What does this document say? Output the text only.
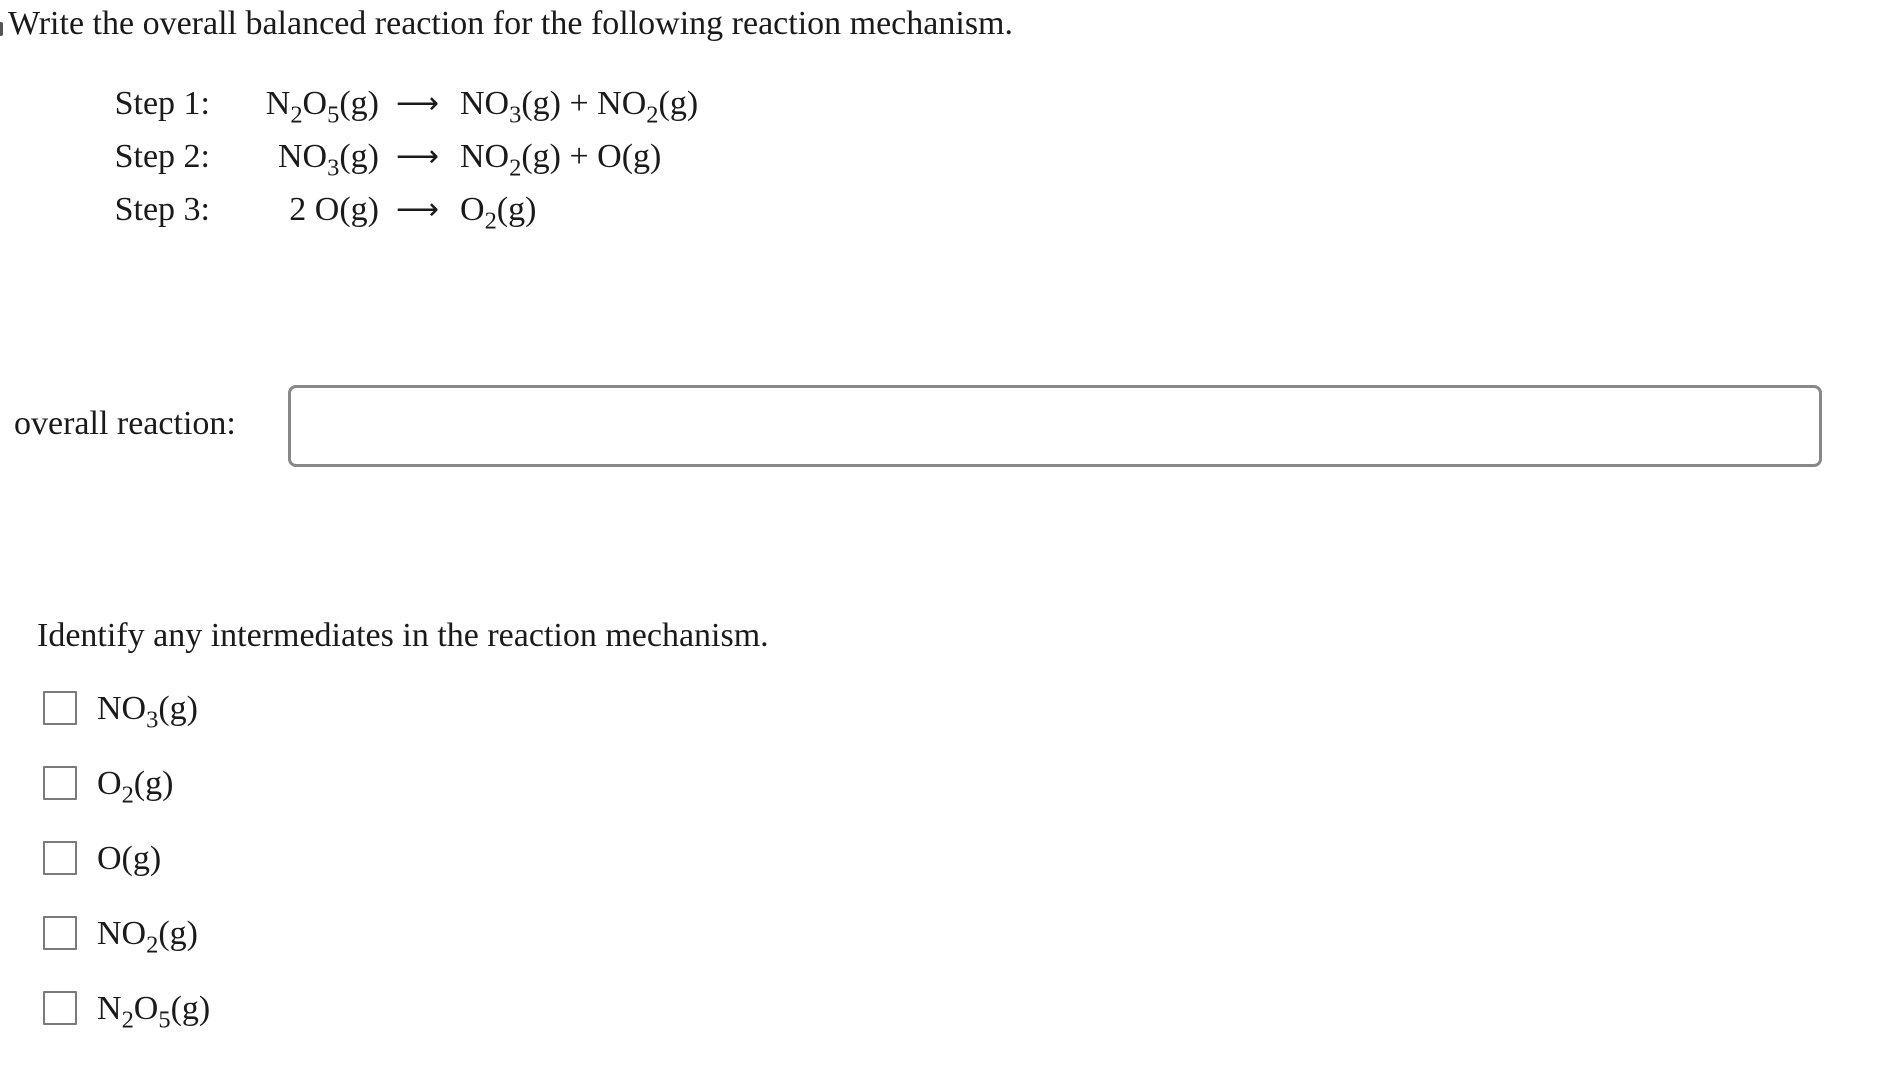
Write the overall balanced reaction for the following reaction mechanism.
Step 1:	$N_2O_5(g)$ ⟶ $NO_3(g) + NO_2(g)$
Step 2:	$NO_3(g)$ ⟶ $NO_2(g) + O(g)$
Step 3:	2 O(g) ⟶ $O_2(g)$
overall reaction:
Identify any intermediates in the reaction mechanism.
$NO_3(g)$
$O_2(g)$
O(g)
$NO_2(g)$
$N_2O_5(g)$
